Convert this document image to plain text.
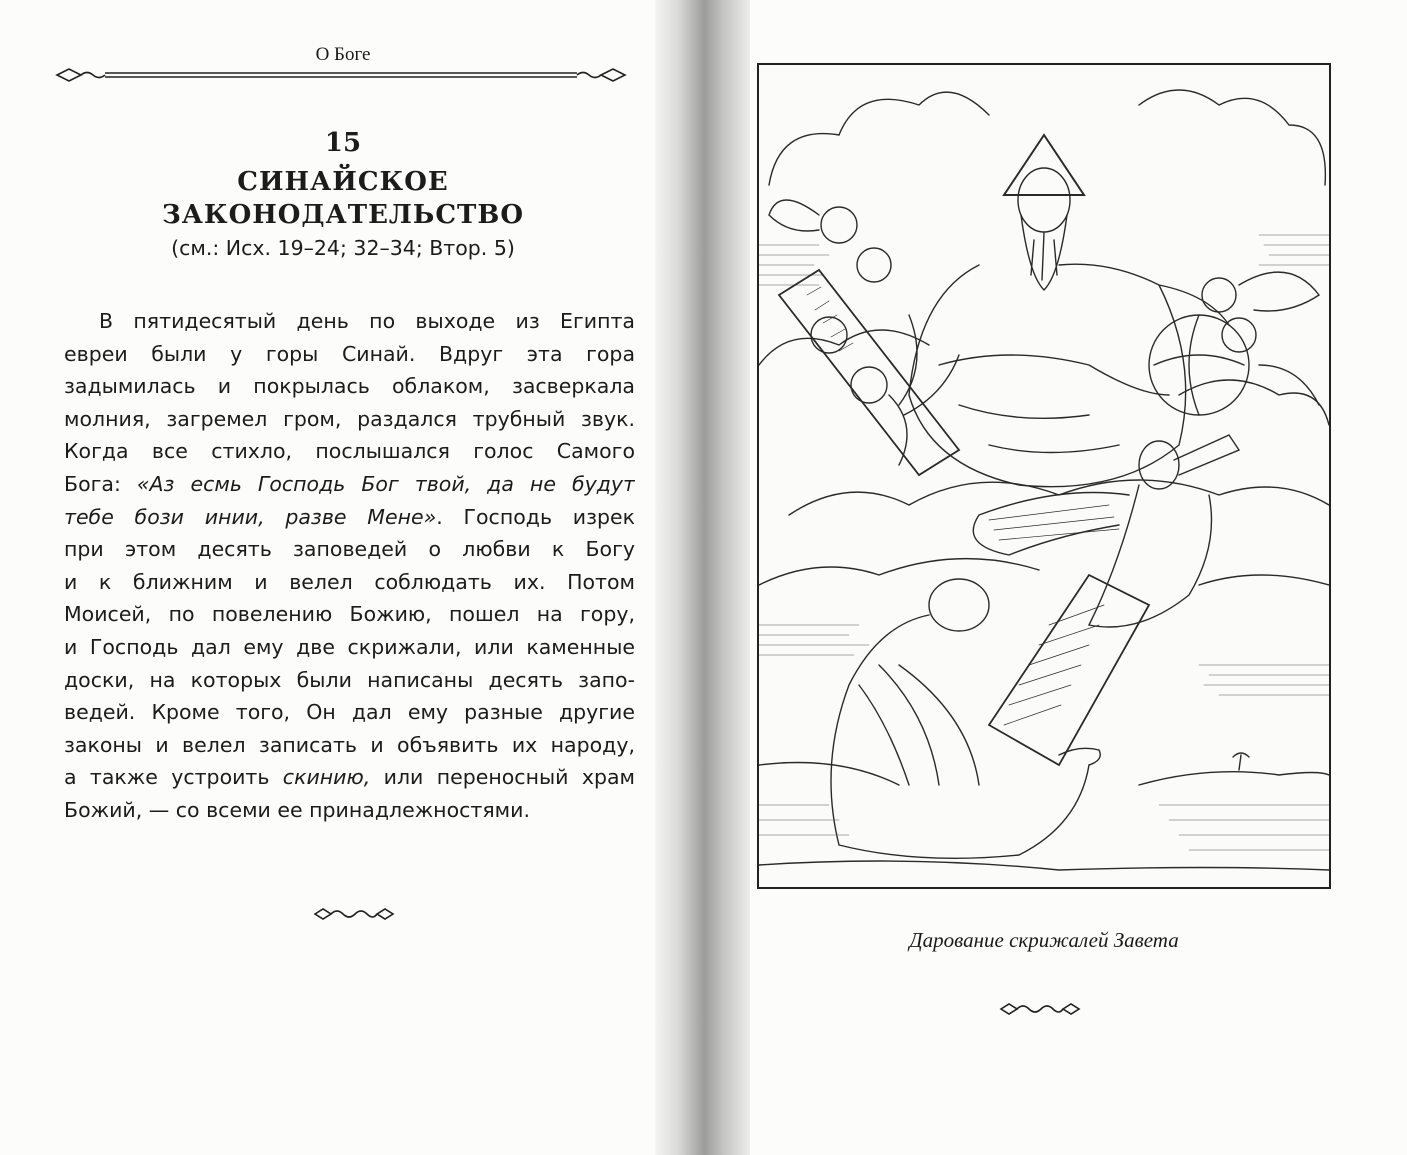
О Боге
15
СИНАЙСКОЕ
ЗАКОНОДАТЕЛЬСТВО
(см.: Исх. 19–24; 32–34; Втор. 5)
В пятидесятый день по выходе из Египта
евреи были у горы Синай. Вдруг эта гора
задымилась и покрылась облаком, засверкала
молния, загремел гром, раздался трубный звук.
Когда все стихло, послышался голос Самого
Бога: «Аз есмь Господь Бог твой, да не будут
тебе бози инии, разве Мене». Господь изрек
при этом десять заповедей о любви к Богу
и к ближним и велел соблюдать их. Потом
Моисей, по повелению Божию, пошел на гору,
и Господь дал ему две скрижали, или каменные
доски, на которых были написаны десять запо-
ведей. Кроме того, Он дал ему разные другие
законы и велел записать и объявить их народу,
а также устроить скинию, или переносный храм
Божий, — со всеми ее принадлежностями.
Дарование скрижалей Завета
